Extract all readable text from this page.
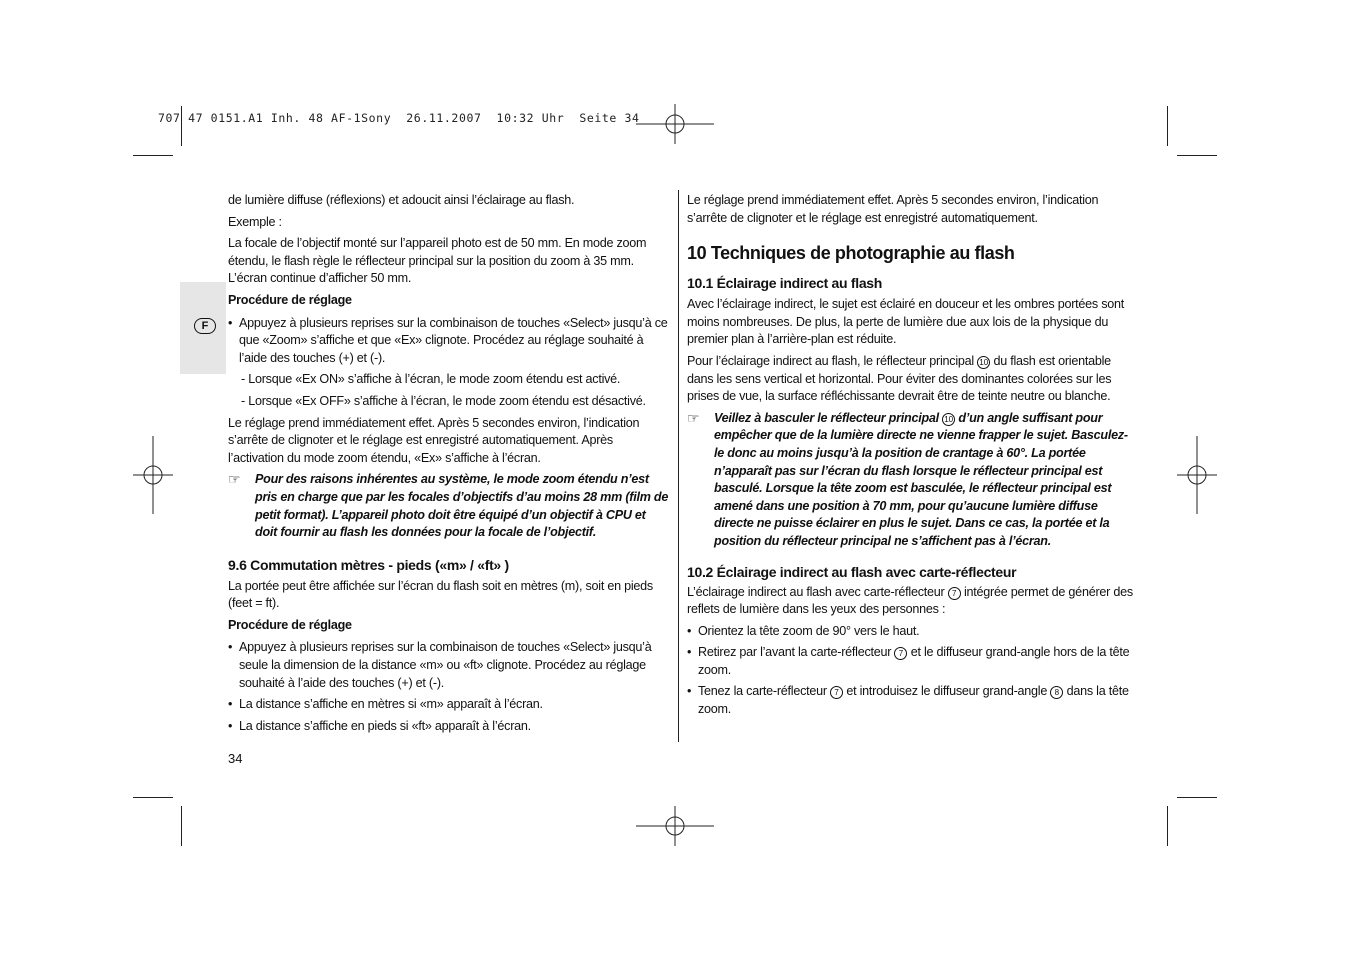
707 47 0151.A1 Inh. 48 AF-1Sony  26.11.2007  10:32 Uhr  Seite 34
F

de lumière diffuse (réflexions) et adoucit ainsi l’éclairage au flash.

Exemple :

La focale de l’objectif monté sur l’appareil photo est de 50 mm. En mode zoom étendu, le flash règle le réflecteur principal sur la position du zoom à 35 mm. L’écran continue d’afficher 50 mm.

Procédure de réglage

• Appuyez à plusieurs reprises sur la combinaison de touches «Select» jusqu’à ce que «Zoom» s’affiche et que «Ex» clignote. Procédez au réglage souhaité à l’aide des touches (+) et (-).

- Lorsque «Ex ON» s’affiche à l’écran, le mode zoom étendu est activé.

- Lorsque «Ex OFF» s’affiche à l’écran, le mode zoom étendu est désactivé.

Le réglage prend immédiatement effet. Après 5 secondes environ, l’indication s’arrête de clignoter et le réglage est enregistré automatiquement. Après l’activation du mode zoom étendu, «Ex» s’affiche à l’écran.

☞	Pour des raisons inhérentes au système, le mode zoom étendu n’est pris en charge que par les focales d’objectifs d’au moins 28 mm (film de petit format). L’appareil photo doit être équipé d’un objectif à CPU et doit fournir au flash les données pour la focale de l’objectif.

9.6 Commutation mètres - pieds («m» / «ft» )

La portée peut être affichée sur l’écran du flash soit en mètres (m), soit en pieds (feet = ft).

Procédure de réglage

• Appuyez à plusieurs reprises sur la combinaison de touches «Select» jusqu’à seule la dimension de la distance «m» ou «ft» clignote. Procédez au réglage souhaité à l’aide des touches (+) et (-).
• La distance s’affiche en mètres si «m» apparaît à l’écran.
• La distance s’affiche en pieds si «ft» apparaît à l’écran.

Le réglage prend immédiatement effet. Après 5 secondes environ, l’indication s’arrête de clignoter et le réglage est enregistré automatiquement.

10 Techniques de photographie au flash

10.1 Éclairage indirect au flash

Avec l’éclairage indirect, le sujet est éclairé en douceur et les ombres portées sont moins nombreuses. De plus, la perte de lumière due aux lois de la physique du premier plan à l’arrière-plan est réduite.

Pour l’éclairage indirect au flash, le réflecteur principal 10 du flash est orientable dans les sens vertical et horizontal. Pour éviter des dominantes colorées sur les prises de vue, la surface réfléchissante devrait être de teinte neutre ou blanche.

☞	Veillez à basculer le réflecteur principal 10 d’un angle suffisant pour empêcher que de la lumière directe ne vienne frapper le sujet. Basculez-le donc au moins jusqu’à la position de crantage à 60°. La portée n’apparaît pas sur l’écran du flash lorsque le réflecteur principal est basculé. Lorsque la tête zoom est basculée, le réflecteur principal est amené dans une position à 70 mm, pour qu’aucune lumière diffuse directe ne puisse éclairer en plus le sujet. Dans ce cas, la portée et la position du réflecteur principal ne s’affichent pas à l’écran.

10.2 Éclairage indirect au flash avec carte-réflecteur

L’éclairage indirect au flash avec carte-réflecteur 7 intégrée permet de générer des reflets de lumière dans les yeux des personnes :

• Orientez la tête zoom de 90° vers le haut.
• Retirez par l’avant la carte-réflecteur 7 et le diffuseur grand-angle hors de la tête zoom.
• Tenez la carte-réflecteur 7 et introduisez le diffuseur grand-angle 8 dans la tête zoom.
34
